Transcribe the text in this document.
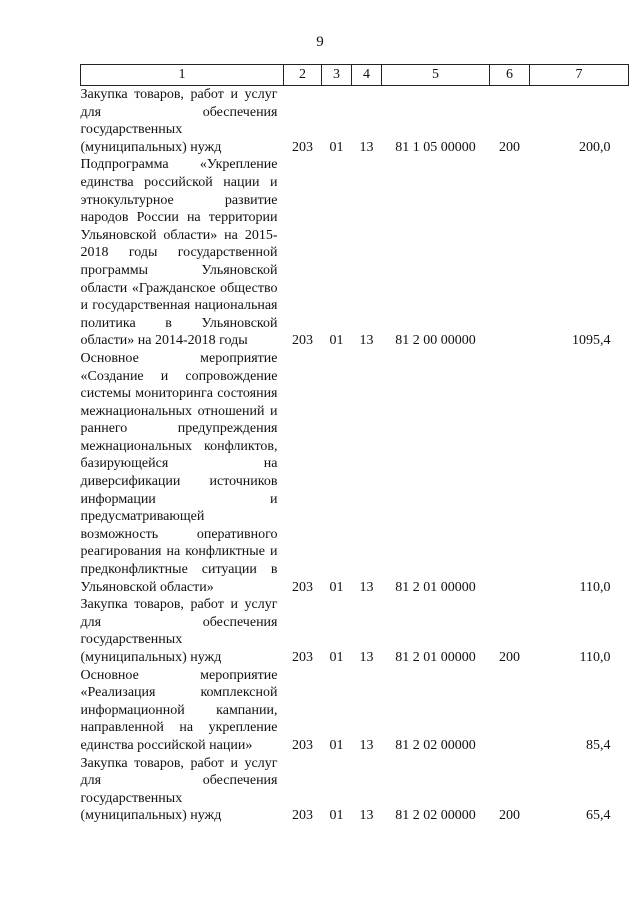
9
1	2	3	4	5	6	7
Закупка товаров, работ и услуг для обеспечения государственных (муниципальных) нужд	203	01	13	81 1 05 00000	200	200,0
Подпрограмма «Укрепление единства российской нации и этнокультурное развитие народов России на территории Ульяновской области» на 2015-2018 годы государственной программы Ульяновской области «Гражданское общество и государственная национальная политика в Ульяновской области» на 2014-2018 годы	203	01	13	81 2 00 00000		1095,4
Основное мероприятие «Создание и сопровождение системы мониторинга состояния межнациональных отношений и раннего предупреждения межнациональных конфликтов, базирующейся на диверсификации источников информации и предусматривающей возможность оперативного реагирования на конфликтные и предконфликтные ситуации в Ульяновской области»	203	01	13	81 2 01 00000		110,0
Закупка товаров, работ и услуг для обеспечения государственных (муниципальных) нужд	203	01	13	81 2 01 00000	200	110,0
Основное мероприятие «Реализация комплексной информационной кампании, направленной на укрепление единства российской нации»	203	01	13	81 2 02 00000		85,4
Закупка товаров, работ и услуг для обеспечения государственных (муниципальных) нужд	203	01	13	81 2 02 00000	200	65,4
